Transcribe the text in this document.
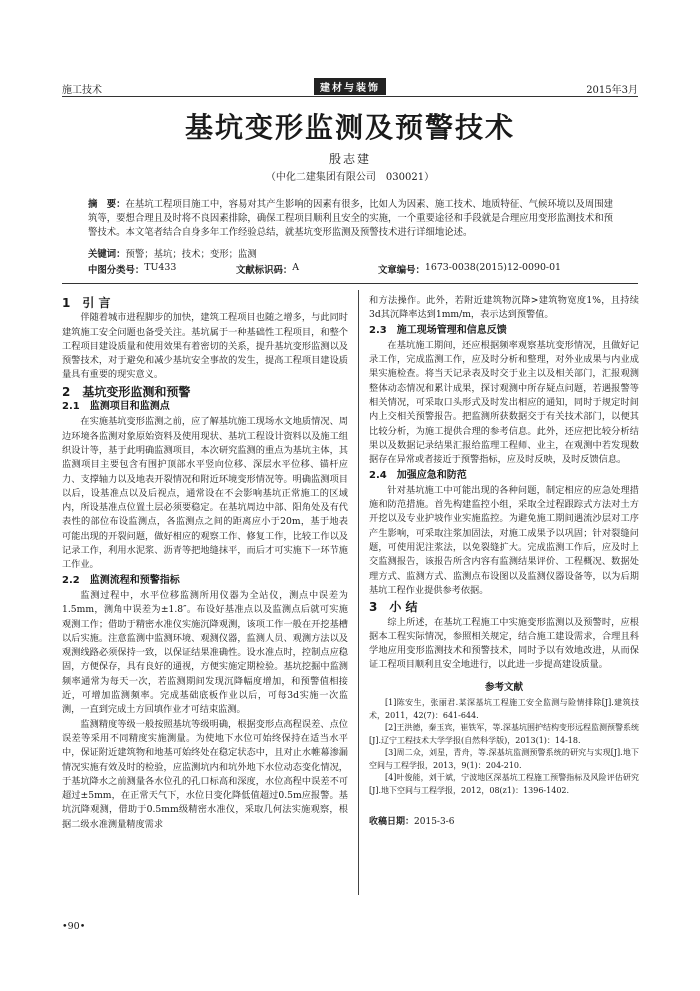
施工技术	建材与装饰	2015年3月
基坑变形监测及预警技术
殷志建
（中化二建集团有限公司　030021）
摘　要：在基坑工程项目施工中，容易对其产生影响的因素有很多，比如人为因素、施工技术、地质特征、气候环境以及周围建筑等，要想合理且及时将不良因素排除，确保工程项目顺利且安全的实施，一个重要途径和手段就是合理应用变形监测技术和预警技术。本文笔者结合自身多年工作经验总结，就基坑变形监测及预警技术进行详细地论述。
关键词：预警；基坑；技术；变形；监测
中图分类号： TU433	文献标识码： A	文章编号： 1673-0038(2015)12-0090-01
1　引 言

伴随着城市进程脚步的加快，建筑工程项目也随之增多，与此同时建筑施工安全问题也备受关注。基坑属于一种基础性工程项目，和整个工程项目建设质量和使用效果有着密切的关系，提升基坑变形监测以及预警技术，对于避免和减少基坑安全事故的发生，提高工程项目建设质量具有重要的现实意义。

2　基坑变形监测和预警
2.1　监测项目和监测点

在实施基坑变形监测之前，应了解基坑施工现场水文地质情况、周边环境各监测对象原始资料及使用现状、基坑工程设计资料以及施工组织设计等，基于此明确监测项目，本次研究监测的重点为基坑主体，其监测项目主要包含有围护顶部水平竖向位移、深层水平位移、锚杆应力、支撑轴力以及地表开裂情况和附近环境变形情况等。明确监测项目以后，设基准点以及后视点，通常设在不会影响基坑正常施工的区域内，所设基准点位置土层必须要稳定。在基坑周边中部、阳角处及有代表性的部位布设监测点，各监测点之间的距离应小于20m，基于地表可能出现的开裂问题，做好相应的观察工作、修复工作，比较工作以及记录工作，利用水泥浆、沥青等把地缝抹平，而后才可实施下一环节施工作业。

2.2　监测流程和预警指标

监测过程中，水平位移监测所用仪器为全站仪，测点中误差为1.5mm，测角中误差为±1.8″。布设好基准点以及监测点后就可实施观测工作；借助于精密水准仪实施沉降观测，该项工作一般在开挖基槽以后实施。注意监测中监测环境、观测仪器，监测人员、观测方法以及观测线路必须保持一致，以保证结果准确性。设水准点时，控制点应稳固，方便保存，具有良好的通视，方便实施定期检验。基坑挖掘中监测频率通常为每天一次，若监测期间发现沉降幅度增加，和预警值相接近，可增加监测频率。完成基础底板作业以后，可每3d实施一次监测，一直到完成土方回填作业才可结束监测。

监测精度等级一般按照基坑等级明确，根据变形点高程误差、点位误差等采用不同精度实施测量。为使地下水位可始终保持在适当水平中，保证附近建筑物和地基可始终处在稳定状态中，且对止水帷幕渗漏情况实施有效及时的检验，应监测坑内和坑外地下水位动态变化情况，于基坑降水之前测量各水位孔的孔口标高和深度，水位高程中误差不可超过±5mm，在正常天气下，水位日变化降低值超过0.5m应报警。基坑沉降观测，借助于0.5mm级精密水准仪，采取几何法实施观察，根据二级水准测量精度需求

和方法操作。此外，若附近建筑物沉降>建筑物宽度1%，且持续3d其沉降率达到1mm/m，表示达到预警值。

2.3　施工现场管理和信息反馈

在基坑施工期间，还应根据频率观察基坑变形情况，且做好记录工作，完成监测工作，应及时分析和整理，对外业成果与内业成果实施检查。将当天记录表及时交于业主以及相关部门，汇报观测整体动态情况和累计成果，探讨观测中所存疑点问题，若遇报警等相关情况，可采取口头形式及时发出相应的通知，同时于规定时间内上交相关预警报告。把监测所获数据交于有关技术部门，以便其比较分析，为施工提供合理的参考信息。此外，还应把比较分析结果以及数据记录结果汇报给监理工程师、业主，在观测中若发现数据存在异常或者接近于预警指标，应及时反映，及时反馈信息。

2.4　加强应急和防范

针对基坑施工中可能出现的各种问题，制定相应的应急处理措施和防范措施。首先构建监控小组，采取全过程跟踪式方法对土方开挖以及专业护坡作业实施监控。为避免施工期间遇流沙层对工序产生影响，可采取注浆加固法，对施工成果予以巩固；针对裂缝问题，可使用泥注浆法，以免裂缝扩大。完成监测工作后，应及时上交监测报告，该报告所含内容有监测结果评价、工程概况、数据处理方式、监测方式、监测点布设图以及监测仪器设备等，以为后期基坑工程作业提供参考依据。

3　小 结

综上所述，在基坑工程施工中实施变形监测以及预警时，应根据本工程实际情况，参照相关规定，结合施工建设需求，合理且科学地应用变形监测技术和预警技术，同时予以有效地改进，从而保证工程项目顺利且安全地进行，以此进一步提高建设质量。

参考文献

[1]陈安生，张丽君.某深基坑工程施工安全监测与险情排除[J].建筑技术，2011，42(7)：641-644.

[2]王洪德，秦玉宾，崔铁军，等.深基坑围护结构变形远程监测预警系统[J].辽宁工程技术大学学报(自然科学版)，2013(1)：14-18.

[3]周二众，刘星，青舟，等.深基坑监测预警系统的研究与实现[J].地下空间与工程学报，2013，9(1)：204-210.

[4]叶俊能，刘干斌，宁波地区深基坑工程施工预警指标及风险评估研究[J].地下空间与工程学报，2012，08(z1)：1396-1402.

收稿日期：2015-3-6
•90•
